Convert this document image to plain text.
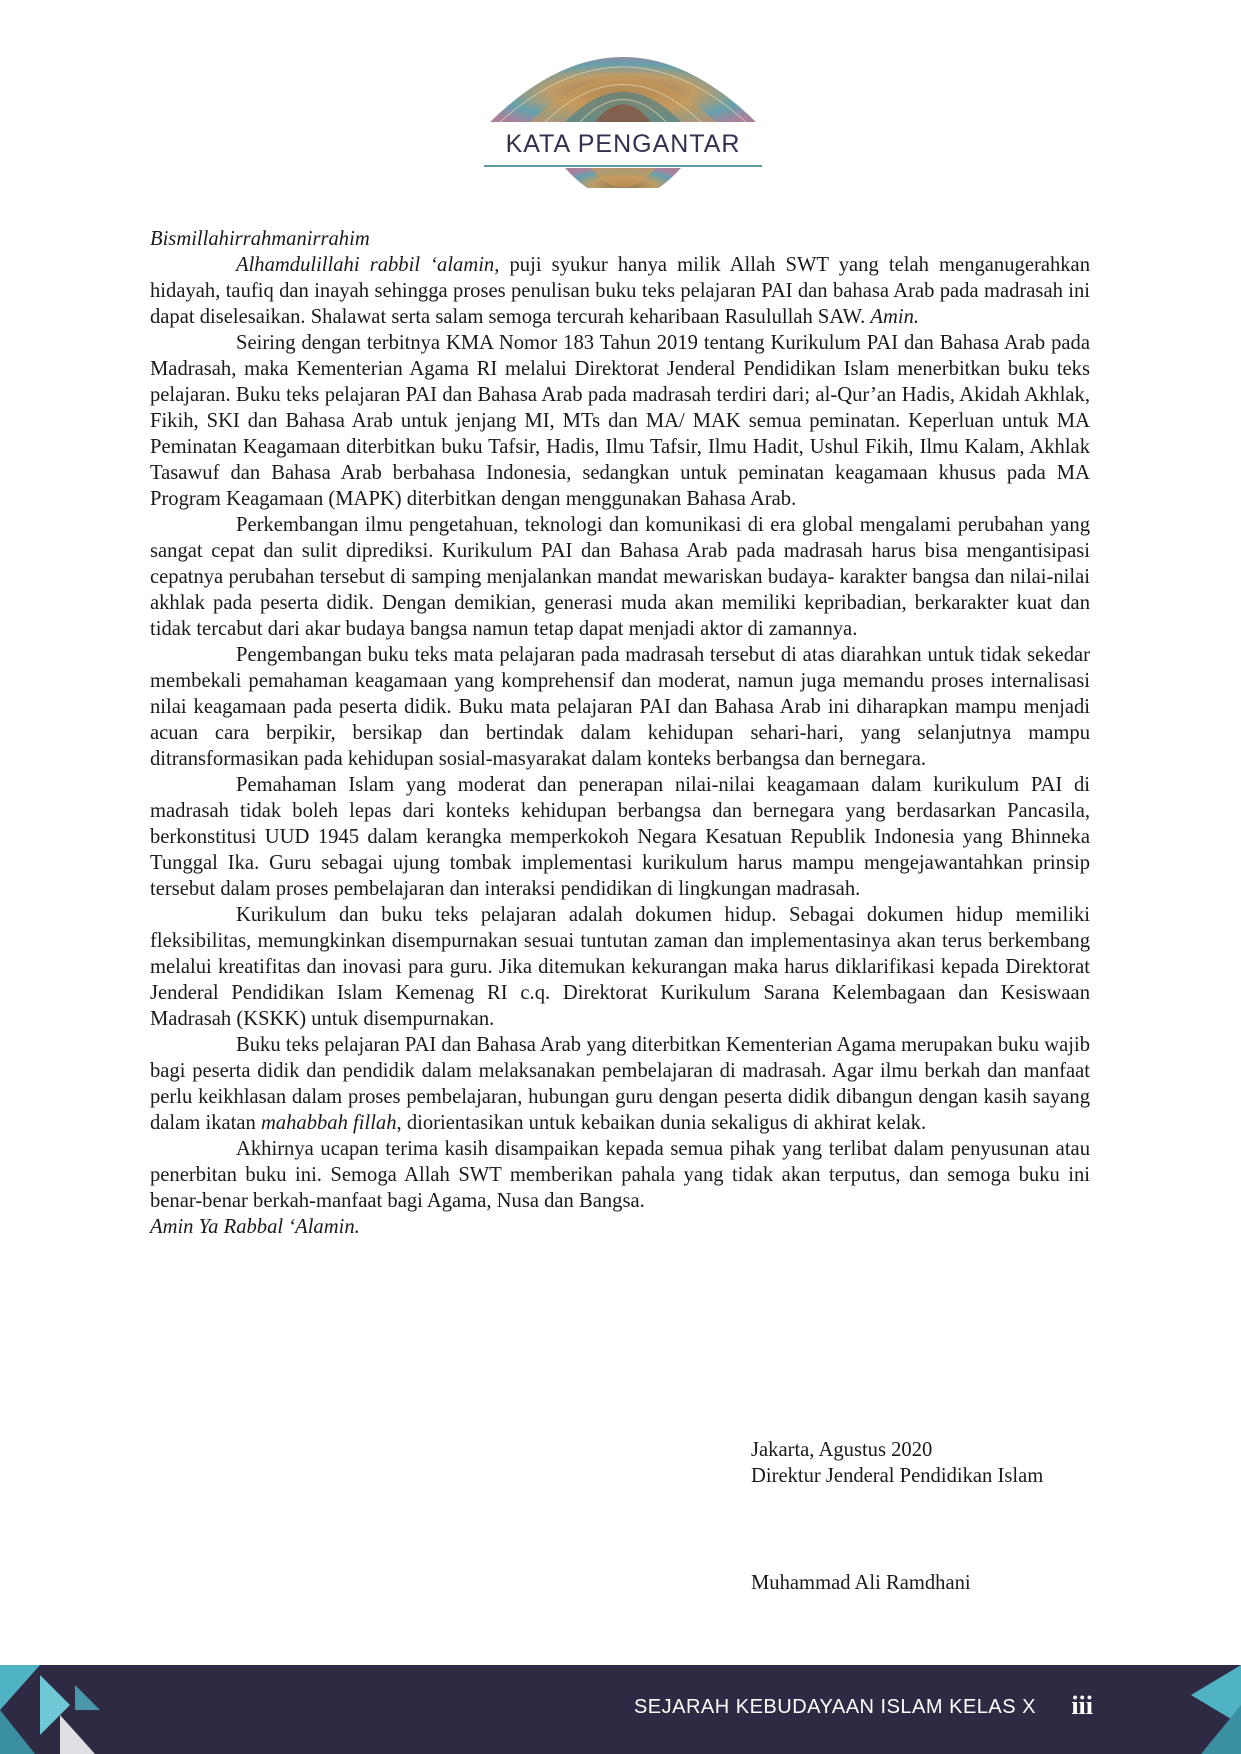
KATA PENGANTAR

Bismillahirrahmanirrahim

Alhamdulillahi rabbil ‘alamin, puji syukur hanya milik Allah SWT yang telah menganugerahkan hidayah, taufiq dan inayah sehingga proses penulisan buku teks pelajaran PAI dan bahasa Arab pada madrasah ini dapat diselesaikan. Shalawat serta salam semoga tercurah keharibaan Rasulullah SAW. Amin.

Seiring dengan terbitnya KMA Nomor 183 Tahun 2019 tentang Kurikulum PAI dan Bahasa Arab pada Madrasah, maka Kementerian Agama RI melalui Direktorat Jenderal Pendidikan Islam menerbitkan buku teks pelajaran. Buku teks pelajaran PAI dan Bahasa Arab pada madrasah terdiri dari; al-Qur’an Hadis, Akidah Akhlak, Fikih, SKI dan Bahasa Arab untuk jenjang MI, MTs dan MA/ MAK semua peminatan. Keperluan untuk MA Peminatan Keagamaan diterbitkan buku Tafsir, Hadis, Ilmu Tafsir, Ilmu Hadit, Ushul Fikih, Ilmu Kalam, Akhlak Tasawuf dan Bahasa Arab berbahasa Indonesia, sedangkan untuk peminatan keagamaan khusus pada MA Program Keagamaan (MAPK) diterbitkan dengan menggunakan Bahasa Arab.

Perkembangan ilmu pengetahuan, teknologi dan komunikasi di era global mengalami perubahan yang sangat cepat dan sulit diprediksi. Kurikulum PAI dan Bahasa Arab pada madrasah harus bisa mengantisipasi cepatnya perubahan tersebut di samping menjalankan mandat mewariskan budaya- karakter bangsa dan nilai-nilai akhlak pada peserta didik. Dengan demikian, generasi muda akan memiliki kepribadian, berkarakter kuat dan tidak tercabut dari akar budaya bangsa namun tetap dapat menjadi aktor di zamannya.

Pengembangan buku teks mata pelajaran pada madrasah tersebut di atas diarahkan untuk tidak sekedar membekali pemahaman keagamaan yang komprehensif dan moderat, namun juga memandu proses internalisasi nilai keagamaan pada peserta didik. Buku mata pelajaran PAI dan Bahasa Arab ini diharapkan mampu menjadi acuan cara berpikir, bersikap dan bertindak dalam kehidupan sehari-hari, yang selanjutnya mampu ditransformasikan pada kehidupan sosial-masyarakat dalam konteks berbangsa dan bernegara.

Pemahaman Islam yang moderat dan penerapan nilai-nilai keagamaan dalam kurikulum PAI di madrasah tidak boleh lepas dari konteks kehidupan berbangsa dan bernegara yang berdasarkan Pancasila, berkonstitusi UUD 1945 dalam kerangka memperkokoh Negara Kesatuan Republik Indonesia yang Bhinneka Tunggal Ika. Guru sebagai ujung tombak implementasi kurikulum harus mampu mengejawantahkan prinsip tersebut dalam proses pembelajaran dan interaksi pendidikan di lingkungan madrasah.

Kurikulum dan buku teks pelajaran adalah dokumen hidup. Sebagai dokumen hidup memiliki fleksibilitas, memungkinkan disempurnakan sesuai tuntutan zaman dan implementasinya akan terus berkembang melalui kreatifitas dan inovasi para guru. Jika ditemukan kekurangan maka harus diklarifikasi kepada Direktorat Jenderal Pendidikan Islam Kemenag RI c.q. Direktorat Kurikulum Sarana Kelembagaan dan Kesiswaan Madrasah (KSKK) untuk disempurnakan.

Buku teks pelajaran PAI dan Bahasa Arab yang diterbitkan Kementerian Agama merupakan buku wajib bagi peserta didik dan pendidik dalam melaksanakan pembelajaran di madrasah. Agar ilmu berkah dan manfaat perlu keikhlasan dalam proses pembelajaran, hubungan guru dengan peserta didik dibangun dengan kasih sayang dalam ikatan mahabbah fillah, diorientasikan untuk kebaikan dunia sekaligus di akhirat kelak.

Akhirnya ucapan terima kasih disampaikan kepada semua pihak yang terlibat dalam penyusunan atau penerbitan buku ini. Semoga Allah SWT memberikan pahala yang tidak akan terputus, dan semoga buku ini benar-benar berkah-manfaat bagi Agama, Nusa dan Bangsa.

Amin Ya Rabbal ‘Alamin.

Jakarta, Agustus 2020
Direktur Jenderal Pendidikan Islam
Muhammad Ali Ramdhani
SEJARAH KEBUDAYAAN ISLAM KELAS X iii
